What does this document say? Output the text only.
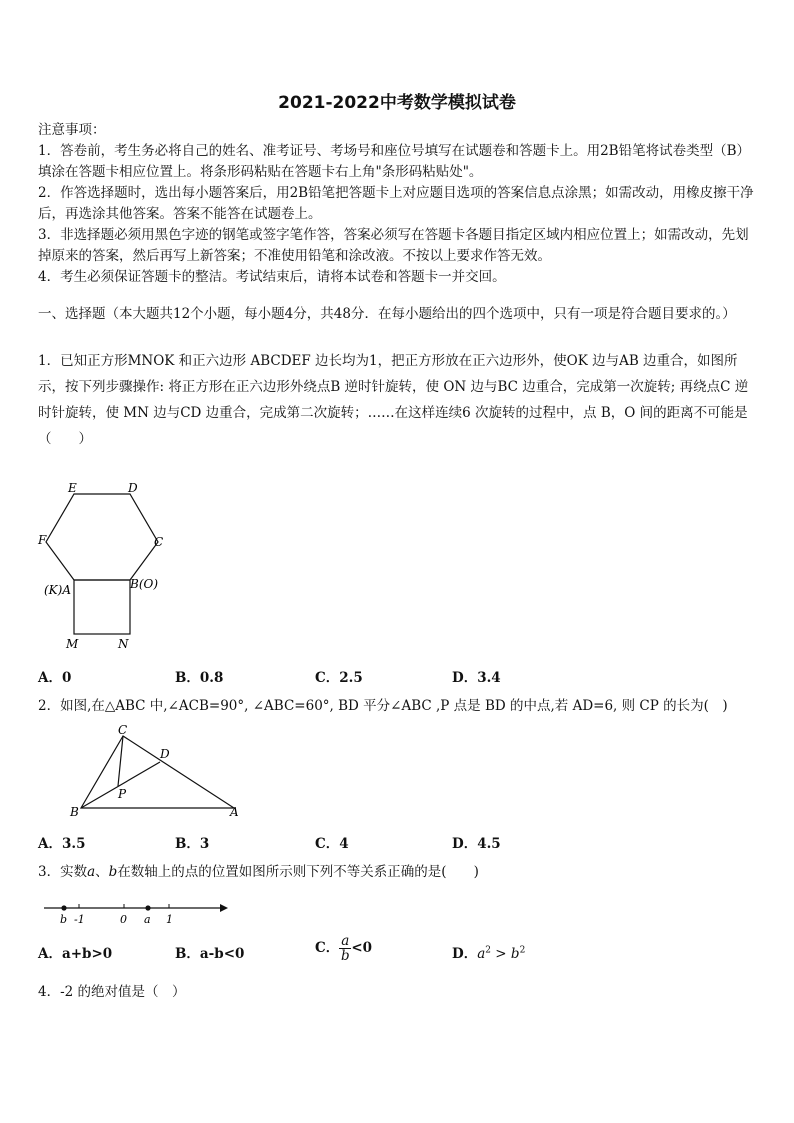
2021-2022中考数学模拟试卷
注意事项：
1．答卷前，考生务必将自己的姓名、准考证号、考场号和座位号填写在试题卷和答题卡上。用2B铅笔将试卷类型（B）填涂在答题卡相应位置上。将条形码粘贴在答题卡右上角"条形码粘贴处"。
2．作答选择题时，选出每小题答案后，用2B铅笔把答题卡上对应题目选项的答案信息点涂黑；如需改动，用橡皮擦干净后，再选涂其他答案。答案不能答在试题卷上。
3．非选择题必须用黑色字迹的钢笔或签字笔作答，答案必须写在答题卡各题目指定区域内相应位置上；如需改动，先划掉原来的答案，然后再写上新答案；不准使用铅笔和涂改液。不按以上要求作答无效。
4．考生必须保证答题卡的整洁。考试结束后，请将本试卷和答题卡一并交回。
一、选择题（本大题共12个小题，每小题4分，共48分．在每小题给出的四个选项中，只有一项是符合题目要求的。）
1．已知正方形MNOK 和正六边形 ABCDEF 边长均为1，把正方形放在正六边形外，使OK 边与AB 边重合，如图所示，按下列步骤操作: 将正方形在正六边形外绕点B 逆时针旋转，使 ON 边与BC 边重合，完成第一次旋转; 再绕点C 逆时针旋转，使 MN 边与CD 边重合，完成第二次旋转；……在这样连续6 次旋转的过程中，点 B，O 间的距离不可能是（　　）
E	D
F	C
(K)A	B(O)
M	N
A．0	B．0.8	C．2.5	D．3.4
2．如图,在△ABC 中,∠ACB=90°, ∠ABC=60°, BD 平分∠ABC ,P 点是 BD 的中点,若 AD=6, 则 CP 的长为(　)
C
D
P
B	A
A．3.5	B．3	C．4	D．4.5
3．实数a、b在数轴上的点的位置如图所示则下列不等关系正确的是(　　)
b -1	0 a 1
A．a+b>0	B．a-b<0	C． $\frac{a}{b} <0$	D．$a^2 > b^2$
4．-2 的绝对值是（　）
